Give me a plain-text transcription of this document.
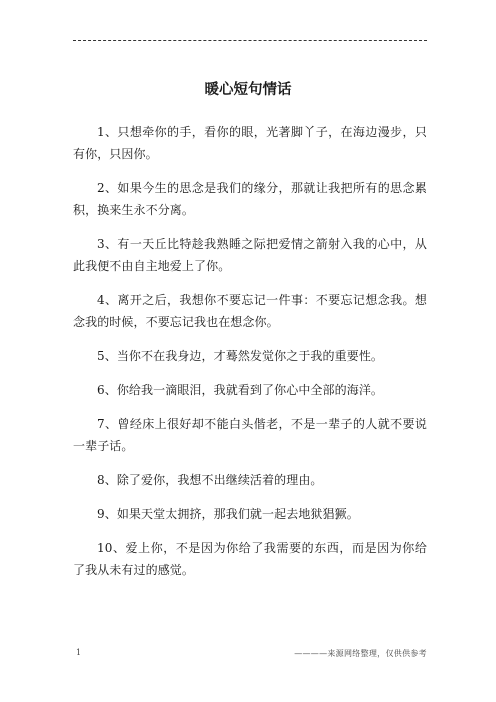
暖心短句情话

1、只想牵你的手，看你的眼，光著脚丫子，在海边漫步，只有你，只因你。

2、如果今生的思念是我们的缘分，那就让我把所有的思念累积，换来生永不分离。

3、有一天丘比特趁我熟睡之际把爱情之箭射入我的心中，从此我便不由自主地爱上了你。

4、离开之后，我想你不要忘记一件事：不要忘记想念我。想念我的时候，不要忘记我也在想念你。

5、当你不在我身边，才蓦然发觉你之于我的重要性。

6、你给我一滴眼泪，我就看到了你心中全部的海洋。

7、曾经床上很好却不能白头偕老，不是一辈子的人就不要说一辈子话。

8、除了爱你，我想不出继续活着的理由。

9、如果天堂太拥挤，那我们就一起去地狱猖獗。

10、爱上你，不是因为你给了我需要的东西，而是因为你给了我从未有过的感觉。

1	————来源网络整理，仅供供参考
